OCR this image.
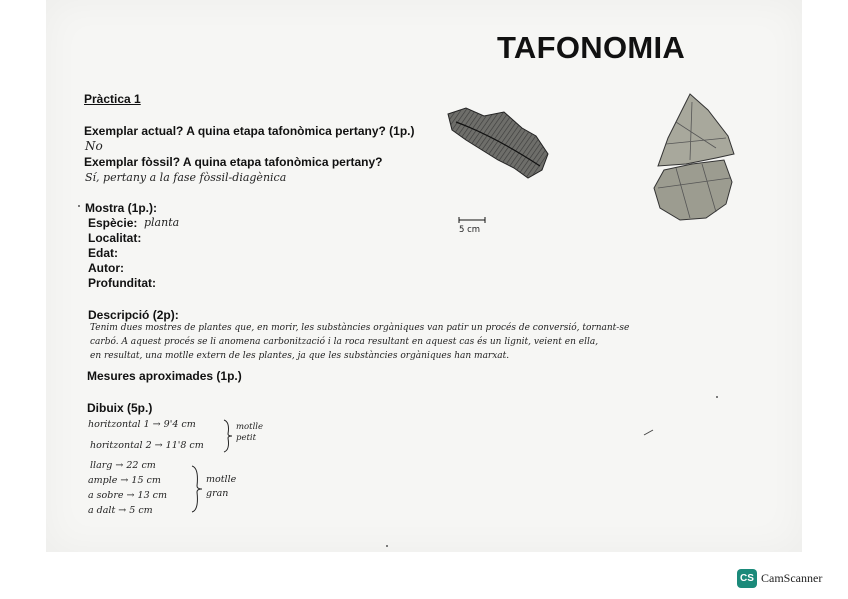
TAFONOMIA
Pràctica 1
Exemplar actual? A quina etapa tafonòmica pertany? (1p.)
No
Exemplar fòssil? A quina etapa tafonòmica pertany?
Sí, pertany a la fase fòssil-diagènica
Mostra (1p.):
Espècie: planta
Localitat:
Edat:
Autor:
Profunditat:
5 cm
Descripció (2p):
Tenim dues mostres de plantes que, en morir, les substàncies orgàniques van patir un procés de conversió, tornant-se
carbó. A aquest procés se li anomena carbonització i la roca resultant en aquest cas és un lignit, veient en ella,
en resultat, una motlle extern de les plantes, ja que les substàncies orgàniques han marxat.
Mesures aproximades (1p.)
Dibuix (5p.)
horitzontal 1 → 9'4 cm
horitzontal 2 → 11'8 cm
motlle
petit
llarg → 22 cm
ample → 15 cm
a sobre → 13 cm
a dalt → 5 cm
motlle
gran
CS CamScanner
